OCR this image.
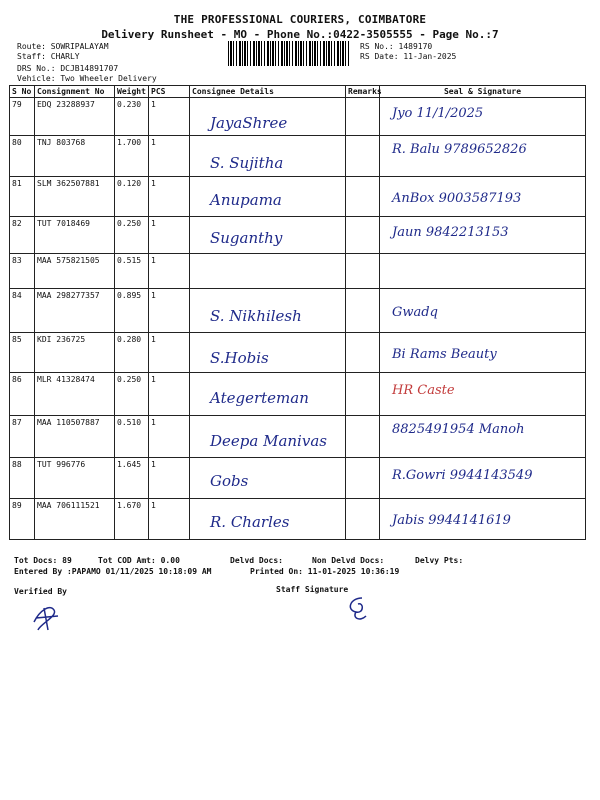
THE PROFESSIONAL COURIERS, COIMBATORE
Delivery Runsheet - MO - Phone No.:0422-3505555 - Page No.:7
Route: SOWRIPALAYAM
Staff: CHARLY
DRS No.: DCJB14891707
Vehicle: Two Wheeler Delivery
RS No.: 1489170
RS Date: 11-Jan-2025
S No	Consignment No	Weight	PCS	Consignee Details	Remarks	Seal & Signature
79	EDQ 23288937	0.230	1	JayaShree		Jyo 11/1/2025

80	TNJ 803768	1.700	1	S. Sujitha		R. Balu 9789652826

81	SLM 362507881	0.120	1	Anupama		AnBox 9003587193

82	TUT 7018469	0.250	1	Suganthy		Jaun 9842213153

83	MAA 575821505	0.515	1	

84	MAA 298277357	0.895	1	S. Nikhilesh		Gwadq

85	KDI 236725	0.280	1	S.Hobis		Bi Rams Beauty

86	MLR 41328474	0.250	1	Ategerteman		HR Caste

87	MAA 110507887	0.510	1	Deepa Manivas		8825491954 Manoh

88	TUT 996776	1.645	1	Gobs		R.Gowri 9944143549

89	MAA 706111521	1.670	1	R. Charles		Jabis 9944141619
Tot Docs: 89	Tot COD Amt: 0.00	Delvd Docs:	Non Delvd Docs:	Delvy Pts:
Entered By :PAPAMO 01/11/2025 10:18:09 AM	Printed On: 11-01-2025 10:36:19
Verified By	Staff Signature
